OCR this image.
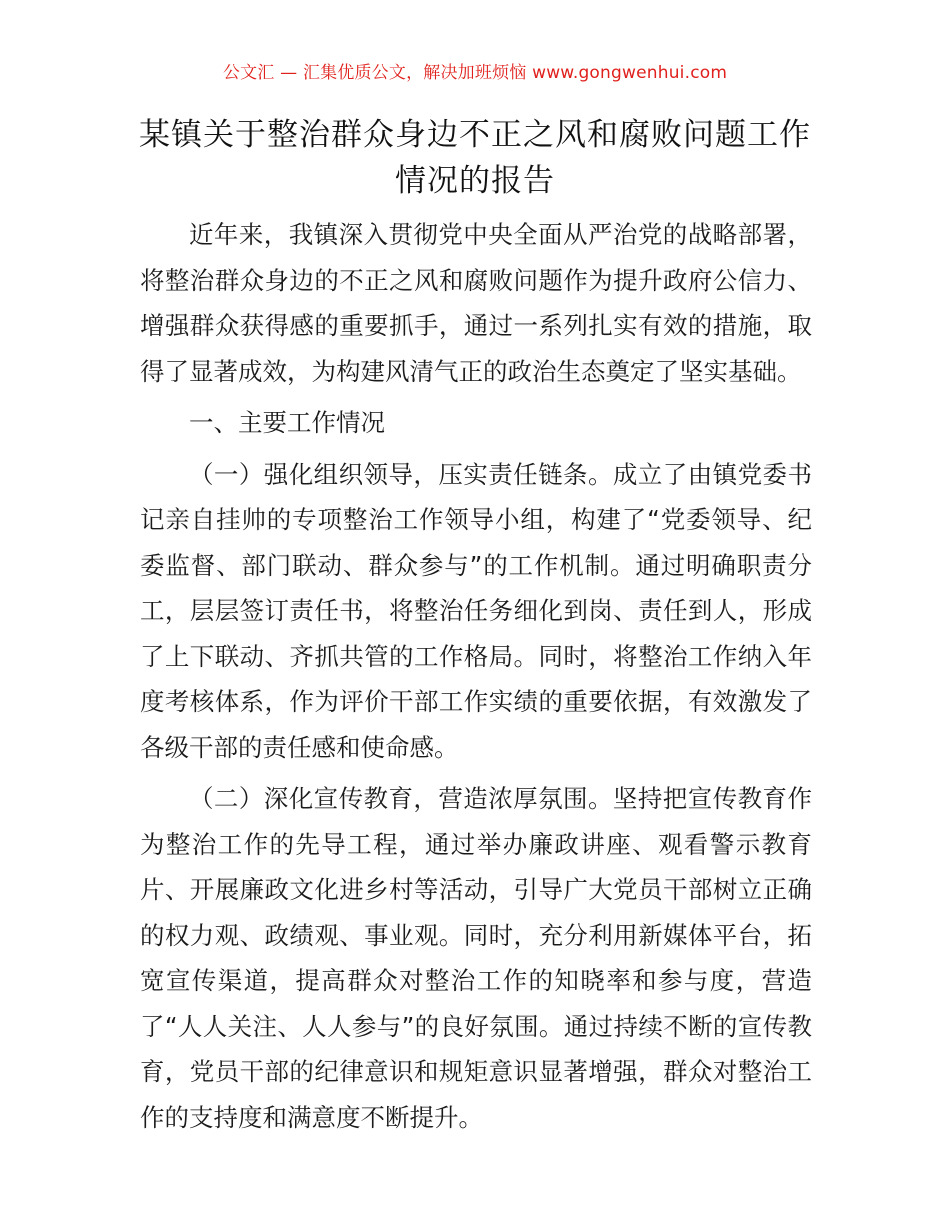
公文汇 — 汇集优质公文，解决加班烦恼 www.gongwenhui.com
某镇关于整治群众身边不正之风和腐败问题工作情况的报告

近年来，我镇深入贯彻党中央全面从严治党的战略部署，将整治群众身边的不正之风和腐败问题作为提升政府公信力、增强群众获得感的重要抓手，通过一系列扎实有效的措施，取得了显著成效，为构建风清气正的政治生态奠定了坚实基础。

一、主要工作情况

（一）强化组织领导，压实责任链条。成立了由镇党委书记亲自挂帅的专项整治工作领导小组，构建了“党委领导、纪委监督、部门联动、群众参与”的工作机制。通过明确职责分工，层层签订责任书，将整治任务细化到岗、责任到人，形成了上下联动、齐抓共管的工作格局。同时，将整治工作纳入年度考核体系，作为评价干部工作实绩的重要依据，有效激发了各级干部的责任感和使命感。

（二）深化宣传教育，营造浓厚氛围。坚持把宣传教育作为整治工作的先导工程，通过举办廉政讲座、观看警示教育片、开展廉政文化进乡村等活动，引导广大党员干部树立正确的权力观、政绩观、事业观。同时，充分利用新媒体平台，拓宽宣传渠道，提高群众对整治工作的知晓率和参与度，营造了“人人关注、人人参与”的良好氛围。通过持续不断的宣传教育，党员干部的纪律意识和规矩意识显著增强，群众对整治工作的支持度和满意度不断提升。
